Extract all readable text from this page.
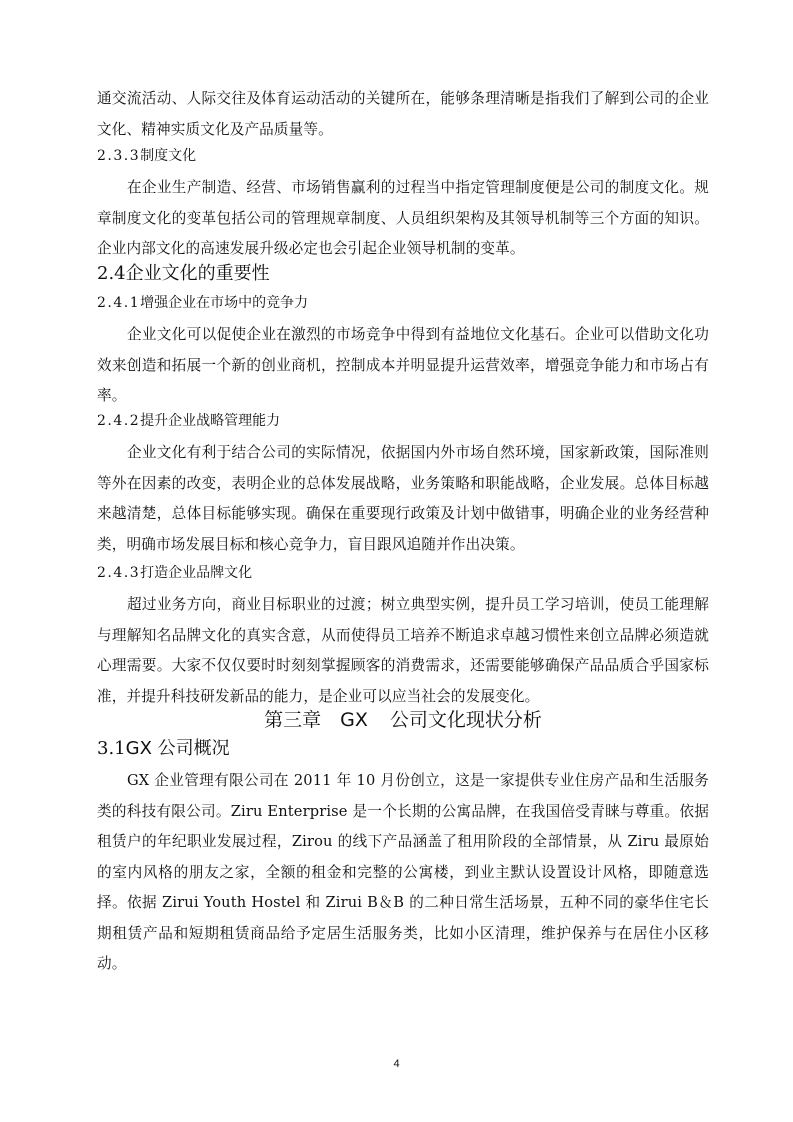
通交流活动、人际交往及体育运动活动的关键所在，能够条理清晰是指我们了解到公司的企业文化、精神实质文化及产品质量等。

2.3.3制度文化

在企业生产制造、经营、市场销售赢利的过程当中指定管理制度便是公司的制度文化。规章制度文化的变革包括公司的管理规章制度、人员组织架构及其领导机制等三个方面的知识。企业内部文化的高速发展升级必定也会引起企业领导机制的变革。

2.4企业文化的重要性

2.4.1增强企业在市场中的竞争力

企业文化可以促使企业在激烈的市场竞争中得到有益地位文化基石。企业可以借助文化功效来创造和拓展一个新的创业商机，控制成本并明显提升运营效率，增强竞争能力和市场占有率。

2.4.2提升企业战略管理能力

企业文化有利于结合公司的实际情况，依据国内外市场自然环境，国家新政策，国际准则等外在因素的改变，表明企业的总体发展战略，业务策略和职能战略，企业发展。总体目标越来越清楚，总体目标能够实现。确保在重要现行政策及计划中做错事，明确企业的业务经营种类，明确市场发展目标和核心竞争力，盲目跟风追随并作出决策。

2.4.3打造企业品牌文化

超过业务方向，商业目标职业的过渡；树立典型实例，提升员工学习培训，使员工能理解与理解知名品牌文化的真实含意，从而使得员工培养不断追求卓越习惯性来创立品牌必须造就心理需要。大家不仅仅要时时刻刻掌握顾客的消费需求，还需要能够确保产品品质合乎国家标准，并提升科技研发新品的能力，是企业可以应当社会的发展变化。

第三章　GX 公司文化现状分析

3.1GX 公司概况

GX 企业管理有限公司在 2011 年 10 月份创立，这是一家提供专业住房产品和生活服务类的科技有限公司。Ziru Enterprise 是一个长期的公寓品牌，在我国倍受青睐与尊重。依据租赁户的年纪职业发展过程，Zirou 的线下产品涵盖了租用阶段的全部情景，从 Ziru 最原始的室内风格的朋友之家，全额的租金和完整的公寓楼，到业主默认设置设计风格，即随意选择。依据 Zirui Youth Hostel 和 Zirui B＆B 的二种日常生活场景，五种不同的豪华住宅长期租赁产品和短期租赁商品给予定居生活服务类，比如小区清理，维护保养与在居住小区移动。

4
